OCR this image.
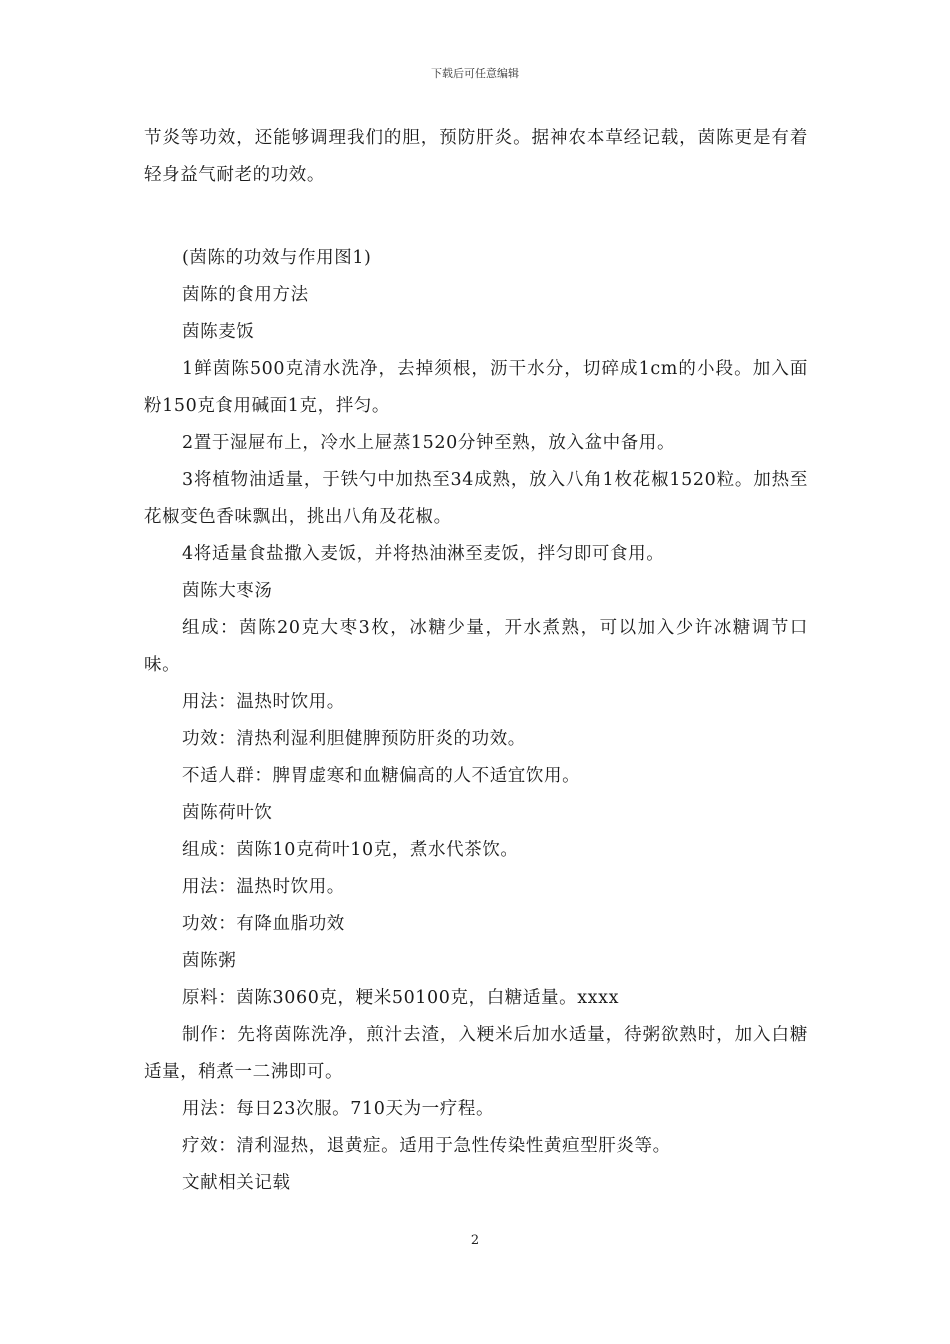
下载后可任意编辑

节炎等功效，还能够调理我们的胆，预防肝炎。据神农本草经记载，茵陈更是有着轻身益气耐老的功效。

(茵陈的功效与作用图1)

茵陈的食用方法

茵陈麦饭

1鲜茵陈500克清水洗净，去掉须根，沥干水分，切碎成1cm的小段。加入面粉150克食用碱面1克，拌匀。

2置于湿屉布上，冷水上屉蒸1520分钟至熟，放入盆中备用。

3将植物油适量，于铁勺中加热至34成熟，放入八角1枚花椒1520粒。加热至花椒变色香味飘出，挑出八角及花椒。

4将适量食盐撒入麦饭，并将热油淋至麦饭，拌匀即可食用。

茵陈大枣汤

组成：茵陈20克大枣3枚，冰糖少量，开水煮熟，可以加入少许冰糖调节口味。

用法：温热时饮用。

功效：清热利湿利胆健脾预防肝炎的功效。

不适人群：脾胃虚寒和血糖偏高的人不适宜饮用。

茵陈荷叶饮

组成：茵陈10克荷叶10克，煮水代茶饮。

用法：温热时饮用。

功效：有降血脂功效

茵陈粥

原料：茵陈3060克，粳米50100克，白糖适量。xxxx

制作：先将茵陈洗净，煎汁去渣，入粳米后加水适量，待粥欲熟时，加入白糖适量，稍煮一二沸即可。

用法：每日23次服。710天为一疗程。

疗效：清利湿热，退黄症。适用于急性传染性黄疸型肝炎等。

文献相关记载

2
